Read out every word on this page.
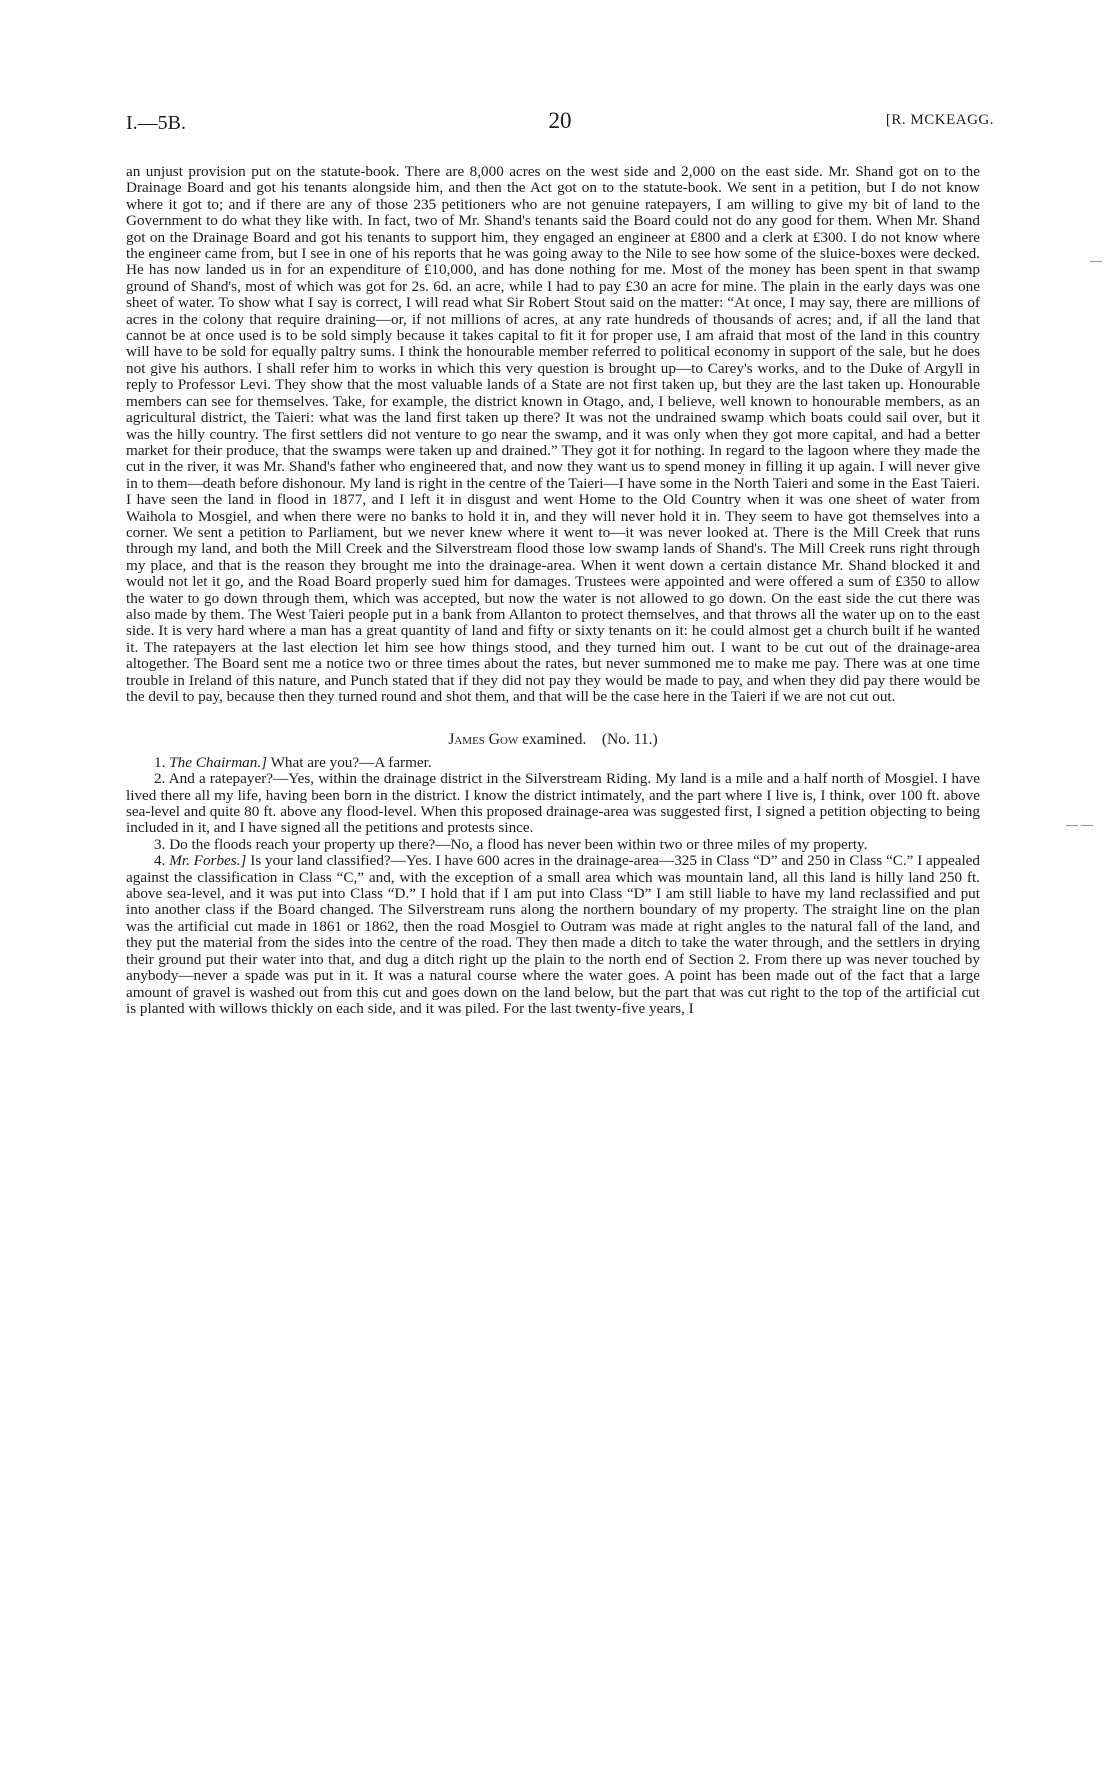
I.—5B.	20	[R. MCKEAGG.
—
— —

an unjust provision put on the statute-book. There are 8,000 acres on the west side and 2,000 on the east side. Mr. Shand got on to the Drainage Board and got his tenants alongside him, and then the Act got on to the statute-book. We sent in a petition, but I do not know where it got to; and if there are any of those 235 petitioners who are not genuine ratepayers, I am willing to give my bit of land to the Government to do what they like with. In fact, two of Mr. Shand's tenants said the Board could not do any good for them. When Mr. Shand got on the Drainage Board and got his tenants to support him, they engaged an engineer at £800 and a clerk at £300. I do not know where the engineer came from, but I see in one of his reports that he was going away to the Nile to see how some of the sluice-boxes were decked. He has now landed us in for an expenditure of £10,000, and has done nothing for me. Most of the money has been spent in that swamp ground of Shand's, most of which was got for 2s. 6d. an acre, while I had to pay £30 an acre for mine. The plain in the early days was one sheet of water. To show what I say is correct, I will read what Sir Robert Stout said on the matter: “At once, I may say, there are millions of acres in the colony that require draining—or, if not millions of acres, at any rate hundreds of thousands of acres; and, if all the land that cannot be at once used is to be sold simply because it takes capital to fit it for proper use, I am afraid that most of the land in this country will have to be sold for equally paltry sums. I think the honourable member referred to political economy in support of the sale, but he does not give his authors. I shall refer him to works in which this very question is brought up—to Carey's works, and to the Duke of Argyll in reply to Professor Levi. They show that the most valuable lands of a State are not first taken up, but they are the last taken up. Honourable members can see for themselves. Take, for example, the district known in Otago, and, I believe, well known to honourable members, as an agricultural district, the Taieri: what was the land first taken up there? It was not the undrained swamp which boats could sail over, but it was the hilly country. The first settlers did not venture to go near the swamp, and it was only when they got more capital, and had a better market for their produce, that the swamps were taken up and drained.” They got it for nothing. In regard to the lagoon where they made the cut in the river, it was Mr. Shand's father who engineered that, and now they want us to spend money in filling it up again. I will never give in to them—death before dishonour. My land is right in the centre of the Taieri—I have some in the North Taieri and some in the East Taieri. I have seen the land in flood in 1877, and I left it in disgust and went Home to the Old Country when it was one sheet of water from Waihola to Mosgiel, and when there were no banks to hold it in, and they will never hold it in. They seem to have got themselves into a corner. We sent a petition to Parliament, but we never knew where it went to—it was never looked at. There is the Mill Creek that runs through my land, and both the Mill Creek and the Silverstream flood those low swamp lands of Shand's. The Mill Creek runs right through my place, and that is the reason they brought me into the drainage-area. When it went down a certain distance Mr. Shand blocked it and would not let it go, and the Road Board properly sued him for damages. Trustees were appointed and were offered a sum of £350 to allow the water to go down through them, which was accepted, but now the water is not allowed to go down. On the east side the cut there was also made by them. The West Taieri people put in a bank from Allanton to protect themselves, and that throws all the water up on to the east side. It is very hard where a man has a great quantity of land and fifty or sixty tenants on it: he could almost get a church built if he wanted it. The ratepayers at the last election let him see how things stood, and they turned him out. I want to be cut out of the drainage-area altogether. The Board sent me a notice two or three times about the rates, but never summoned me to make me pay. There was at one time trouble in Ireland of this nature, and Punch stated that if they did not pay they would be made to pay, and when they did pay there would be the devil to pay, because then they turned round and shot them, and that will be the case here in the Taieri if we are not cut out.

James Gow examined. (No. 11.)

1. The Chairman.] What are you?—A farmer.

2. And a ratepayer?—Yes, within the drainage district in the Silverstream Riding. My land is a mile and a half north of Mosgiel. I have lived there all my life, having been born in the district. I know the district intimately, and the part where I live is, I think, over 100 ft. above sea-level and quite 80 ft. above any flood-level. When this proposed drainage-area was suggested first, I signed a petition objecting to being included in it, and I have signed all the petitions and protests since.

3. Do the floods reach your property up there?—No, a flood has never been within two or three miles of my property.

4. Mr. Forbes.] Is your land classified?—Yes. I have 600 acres in the drainage-area—325 in Class “D” and 250 in Class “C.” I appealed against the classification in Class “C,” and, with the exception of a small area which was mountain land, all this land is hilly land 250 ft. above sea-level, and it was put into Class “D.” I hold that if I am put into Class “D” I am still liable to have my land reclassified and put into another class if the Board changed. The Silverstream runs along the northern boundary of my property. The straight line on the plan was the artificial cut made in 1861 or 1862, then the road Mosgiel to Outram was made at right angles to the natural fall of the land, and they put the material from the sides into the centre of the road. They then made a ditch to take the water through, and the settlers in drying their ground put their water into that, and dug a ditch right up the plain to the north end of Section 2. From there up was never touched by anybody—never a spade was put in it. It was a natural course where the water goes. A point has been made out of the fact that a large amount of gravel is washed out from this cut and goes down on the land below, but the part that was cut right to the top of the artificial cut is planted with willows thickly on each side, and it was piled. For the last twenty-five years, I
